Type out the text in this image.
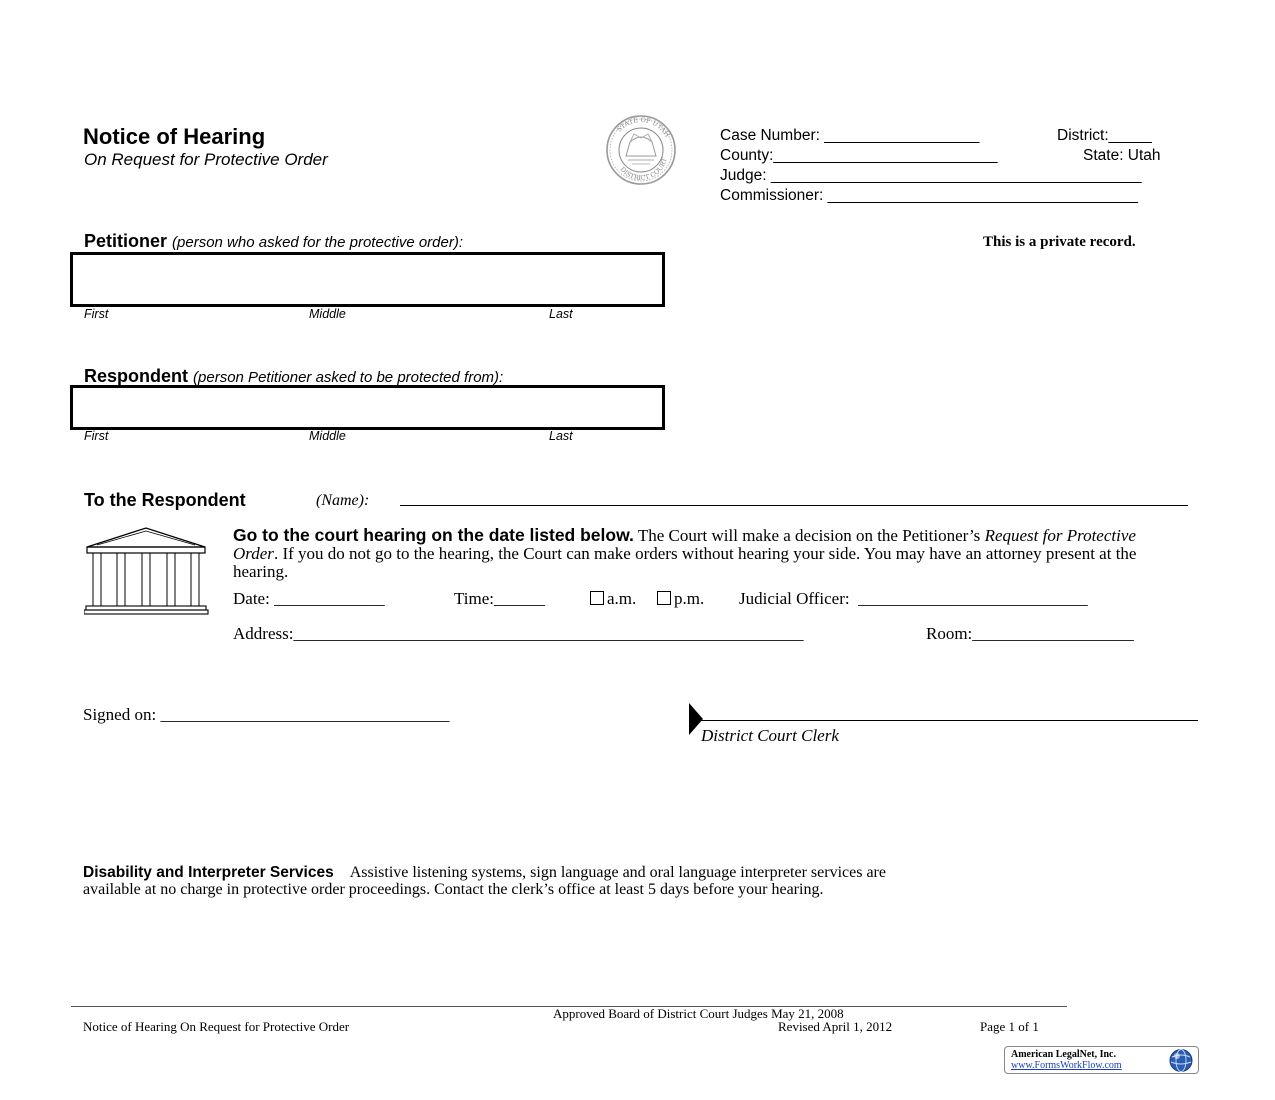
Notice of Hearing
On Request for Protective Order
STATE OF UTAH
DISTRICT COURT
Case Number: __________________	District:_____
County:__________________________	State: Utah
Judge: ___________________________________________
Commissioner: ____________________________________
This is a private record.
Petitioner (person who asked for the protective order):
First	Middle	Last
Respondent (person Petitioner asked to be protected from):
First	Middle	Last
To the Respondent	(Name):
Go to the court hearing on the date listed below. The Court will make a decision on the Petitioner’s Request for Protective Order. If you do not go to the hearing, the Court can make orders without hearing your side. You may have an attorney present at the hearing.
Date: _____________	Time:______	a.m.	p.m. Judicial Officer:  ___________________________
Address:____________________________________________________________	Room:___________________
Signed on: __________________________________
District Court Clerk
Disability and Interpreter Services Assistive listening systems, sign language and oral language interpreter services are
available at no charge in protective order proceedings. Contact the clerk’s office at least 5 days before your hearing.
Approved Board of District Court Judges May 21, 2008
Notice of Hearing On Request for Protective Order	Revised April 1, 2012	Page 1 of 1
American LegalNet, Inc.
www.FormsWorkFlow.com
